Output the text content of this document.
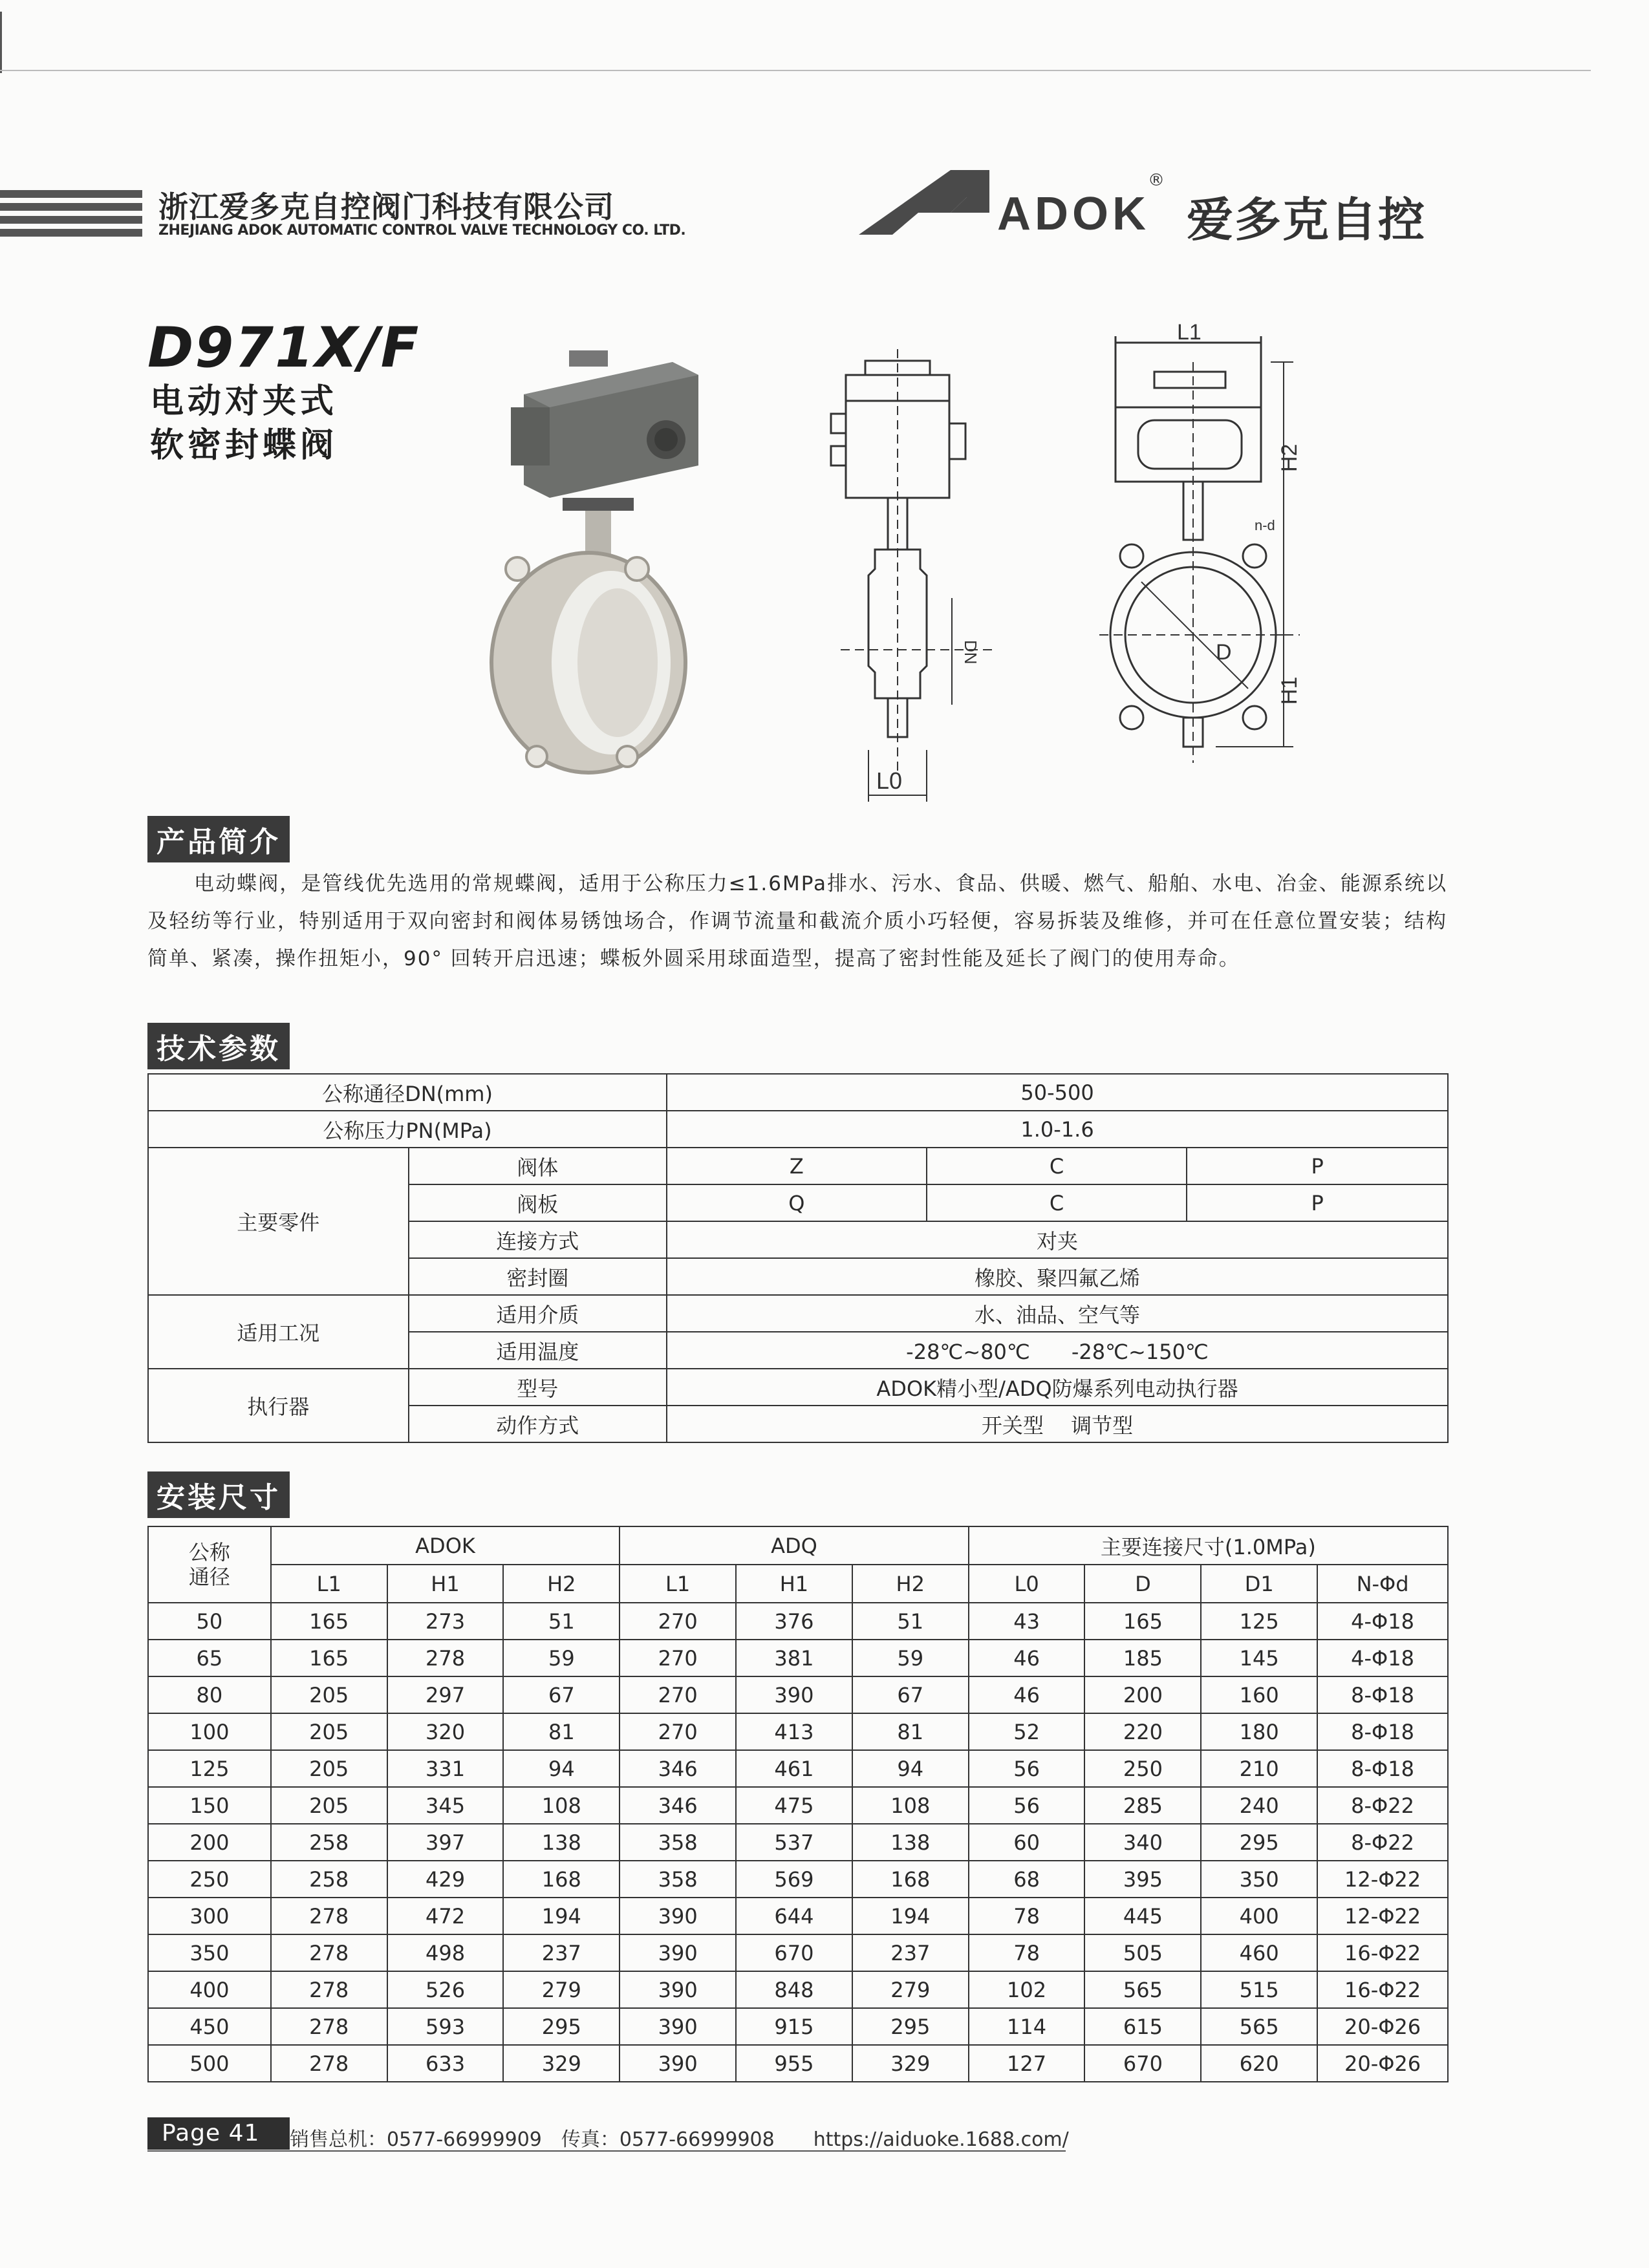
浙江爱多克自控阀门科技有限公司
ZHEJIANG ADOK AUTOMATIC CONTROL VALVE TECHNOLOGY CO. LTD.	ADOK
®
爱多克自控
D971X/F
电动对夹式
软密封蝶阀
L0
DN
L1
D
n-d
H2
H1
产品简介
电动蝶阀，是管线优先选用的常规蝶阀，适用于公称压力≤1.6MPa排水、污水、食品、供暖、燃气、船舶、水电、冶金、能源系统以及轻纺等行业，特别适用于双向密封和阀体易锈蚀场合，作调节流量和截流介质小巧轻便，容易拆装及维修，并可在任意位置安装；结构简单、紧凑，操作扭矩小，90° 回转开启迅速；蝶板外圆采用球面造型，提高了密封性能及延长了阀门的使用寿命。
技术参数
公称通径DN(mm)		50-500		
公称压力PN(MPa)		1.0-1.6		
主要零件	阀体	Z	C	P
	阀板	Q	C	P
	连接方式	对夹		
	密封圈	橡胶、聚四氟乙烯		
适用工况	适用介质	水、油品、空气等		
	适用温度	-28℃~80℃　　-28℃~150℃		
执行器	型号	ADOK精小型/ADQ防爆系列电动执行器		
	动作方式	开关型　 调节型		
安装尺寸
公称
通径	ADOK			ADQ			主要连接尺寸(1.0MPa)			
	L1	H1	H2	L1	H1	H2	L0	D	D1	N-Φd
50	165	273	51	270	376	51	43	165	125	4-Φ18
65	165	278	59	270	381	59	46	185	145	4-Φ18
80	205	297	67	270	390	67	46	200	160	8-Φ18
100	205	320	81	270	413	81	52	220	180	8-Φ18
125	205	331	94	346	461	94	56	250	210	8-Φ18
150	205	345	108	346	475	108	56	285	240	8-Φ22
200	258	397	138	358	537	138	60	340	295	8-Φ22
250	258	429	168	358	569	168	68	395	350	12-Φ22
300	278	472	194	390	644	194	78	445	400	12-Φ22
350	278	498	237	390	670	237	78	505	460	16-Φ22
400	278	526	279	390	848	279	102	565	515	16-Φ22
450	278	593	295	390	915	295	114	615	565	20-Φ26
500	278	633	329	390	955	329	127	670	620	20-Φ26
Page 41	销售总机：0577-66999909　传真：0577-66999908　　https://aiduoke.1688.com/
